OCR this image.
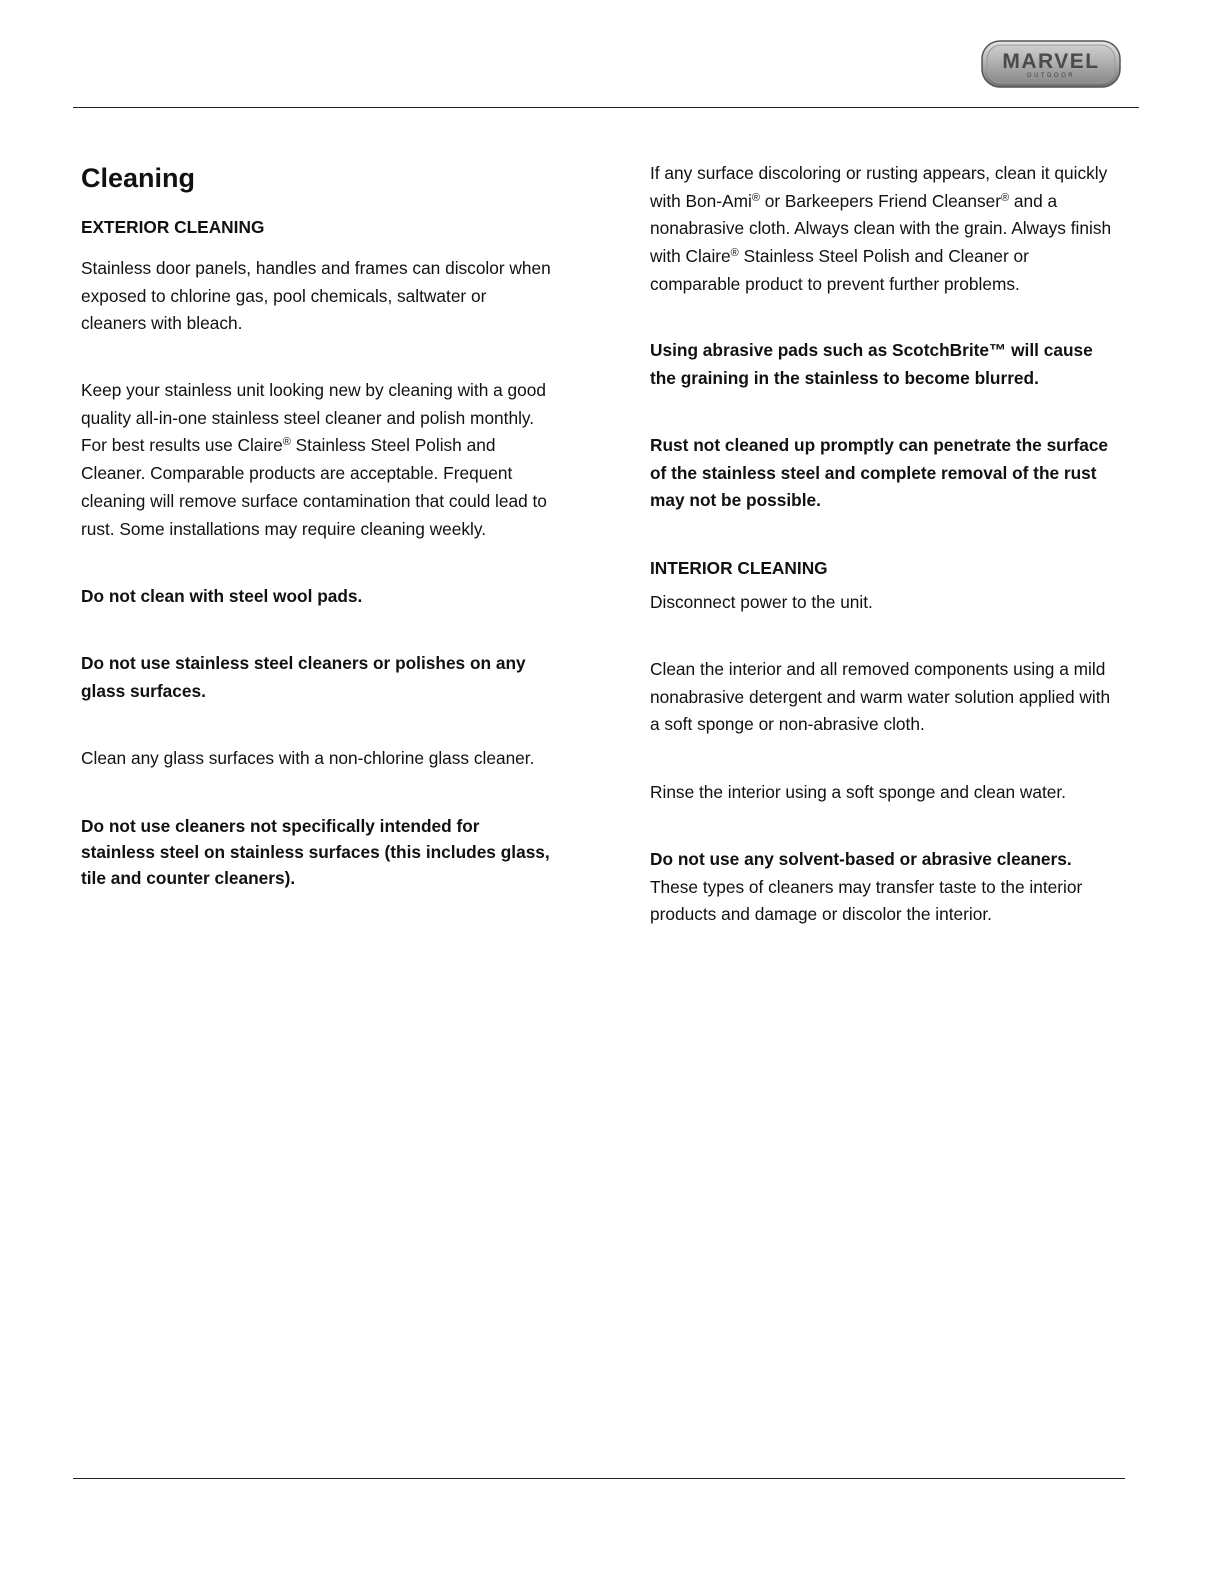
MARVEL
OUTDOOR
Cleaning

EXTERIOR CLEANING

Stainless door panels, handles and frames can discolor when
exposed to chlorine gas, pool chemicals, saltwater or
cleaners with bleach.
Keep your stainless unit looking new by cleaning with a good
quality all-in-one stainless steel cleaner and polish monthly.
For best results use Claire® Stainless Steel Polish and
Cleaner. Comparable products are acceptable. Frequent
cleaning will remove surface contamination that could lead to
rust. Some installations may require cleaning weekly.

Do not clean with steel wool pads.

Do not use stainless steel cleaners or polishes on any
glass surfaces.

Clean any glass surfaces with a non-chlorine glass cleaner.

Do not use cleaners not specifically intended for
stainless steel on stainless surfaces (this includes glass,
tile and counter cleaners).
If any surface discoloring or rusting appears, clean it quickly
with Bon-Ami® or Barkeepers Friend Cleanser® and a
nonabrasive cloth. Always clean with the grain. Always finish
with Claire® Stainless Steel Polish and Cleaner or
comparable product to prevent further problems.
Using abrasive pads such as ScotchBrite™ will cause
the graining in the stainless to become blurred.
Rust not cleaned up promptly can penetrate the surface
of the stainless steel and complete removal of the rust
may not be possible.

INTERIOR CLEANING

Disconnect power to the unit.

Clean the interior and all removed components using a mild
nonabrasive detergent and warm water solution applied with
a soft sponge or non-abrasive cloth.

Rinse the interior using a soft sponge and clean water.

Do not use any solvent-based or abrasive cleaners.
These types of cleaners may transfer taste to the interior
products and damage or discolor the interior.
